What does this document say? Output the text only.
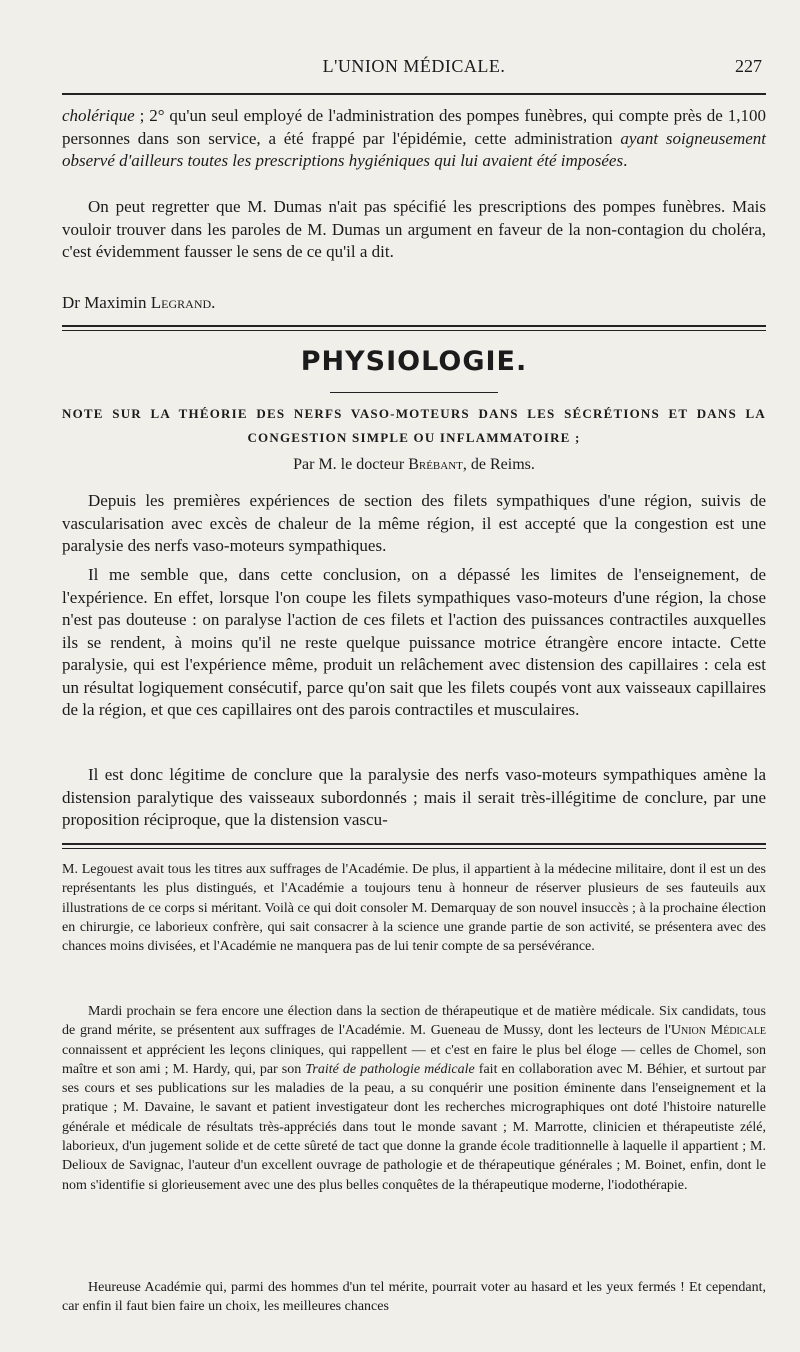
L'UNION MÉDICALE.	227

cholérique ; 2° qu'un seul employé de l'administration des pompes funèbres, qui compte près de 1,100 personnes dans son service, a été frappé par l'épidémie, cette administration ayant soigneusement observé d'ailleurs toutes les prescriptions hygiéniques qui lui avaient été imposées.

On peut regretter que M. Dumas n'ait pas spécifié les prescriptions des pompes funèbres. Mais vouloir trouver dans les paroles de M. Dumas un argument en faveur de la non-contagion du choléra, c'est évidemment fausser le sens de ce qu'il a dit.

Dr Maximin Legrand.

PHYSIOLOGIE.

NOTE SUR LA THÉORIE DES NERFS VASO-MOTEURS DANS LES SÉCRÉTIONS ET DANS LA CONGESTION SIMPLE OU INFLAMMATOIRE ;

Par M. le docteur Brébant, de Reims.

Depuis les premières expériences de section des filets sympathiques d'une région, suivis de vascularisation avec excès de chaleur de la même région, il est accepté que la congestion est une paralysie des nerfs vaso-moteurs sympathiques.

Il me semble que, dans cette conclusion, on a dépassé les limites de l'enseignement, de l'expérience. En effet, lorsque l'on coupe les filets sympathiques vaso-moteurs d'une région, la chose n'est pas douteuse : on paralyse l'action de ces filets et l'action des puissances contractiles auxquelles ils se rendent, à moins qu'il ne reste quelque puissance motrice étrangère encore intacte. Cette paralysie, qui est l'expérience même, produit un relâchement avec distension des capillaires : cela est un résultat logiquement consécutif, parce qu'on sait que les filets coupés vont aux vaisseaux capillaires de la région, et que ces capillaires ont des parois contractiles et musculaires.

Il est donc légitime de conclure que la paralysie des nerfs vaso-moteurs sympathiques amène la distension paralytique des vaisseaux subordonnés ; mais il serait très-illégitime de conclure, par une proposition réciproque, que la distension vascu-

M. Legouest avait tous les titres aux suffrages de l'Académie. De plus, il appartient à la médecine militaire, dont il est un des représentants les plus distingués, et l'Académie a toujours tenu à honneur de réserver plusieurs de ses fauteuils aux illustrations de ce corps si méritant. Voilà ce qui doit consoler M. Demarquay de son nouvel insuccès ; à la prochaine élection en chirurgie, ce laborieux confrère, qui sait consacrer à la science une grande partie de son activité, se présentera avec des chances moins divisées, et l'Académie ne manquera pas de lui tenir compte de sa persévérance.

Mardi prochain se fera encore une élection dans la section de thérapeutique et de matière médicale. Six candidats, tous de grand mérite, se présentent aux suffrages de l'Académie. M. Gueneau de Mussy, dont les lecteurs de l'Union Médicale connaissent et apprécient les leçons cliniques, qui rappellent — et c'est en faire le plus bel éloge — celles de Chomel, son maître et son ami ; M. Hardy, qui, par son Traité de pathologie médicale fait en collaboration avec M. Béhier, et surtout par ses cours et ses publications sur les maladies de la peau, a su conquérir une position éminente dans l'enseignement et la pratique ; M. Davaine, le savant et patient investigateur dont les recherches micrographiques ont doté l'histoire naturelle générale et médicale de résultats très-appréciés dans tout le monde savant ; M. Marrotte, clinicien et thérapeutiste zélé, laborieux, d'un jugement solide et de cette sûreté de tact que donne la grande école traditionnelle à laquelle il appartient ; M. Delioux de Savignac, l'auteur d'un excellent ouvrage de pathologie et de thérapeutique générales ; M. Boinet, enfin, dont le nom s'identifie si glorieusement avec une des plus belles conquêtes de la thérapeutique moderne, l'iodothérapie.

Heureuse Académie qui, parmi des hommes d'un tel mérite, pourrait voter au hasard et les yeux fermés ! Et cependant, car enfin il faut bien faire un choix, les meilleures chances
